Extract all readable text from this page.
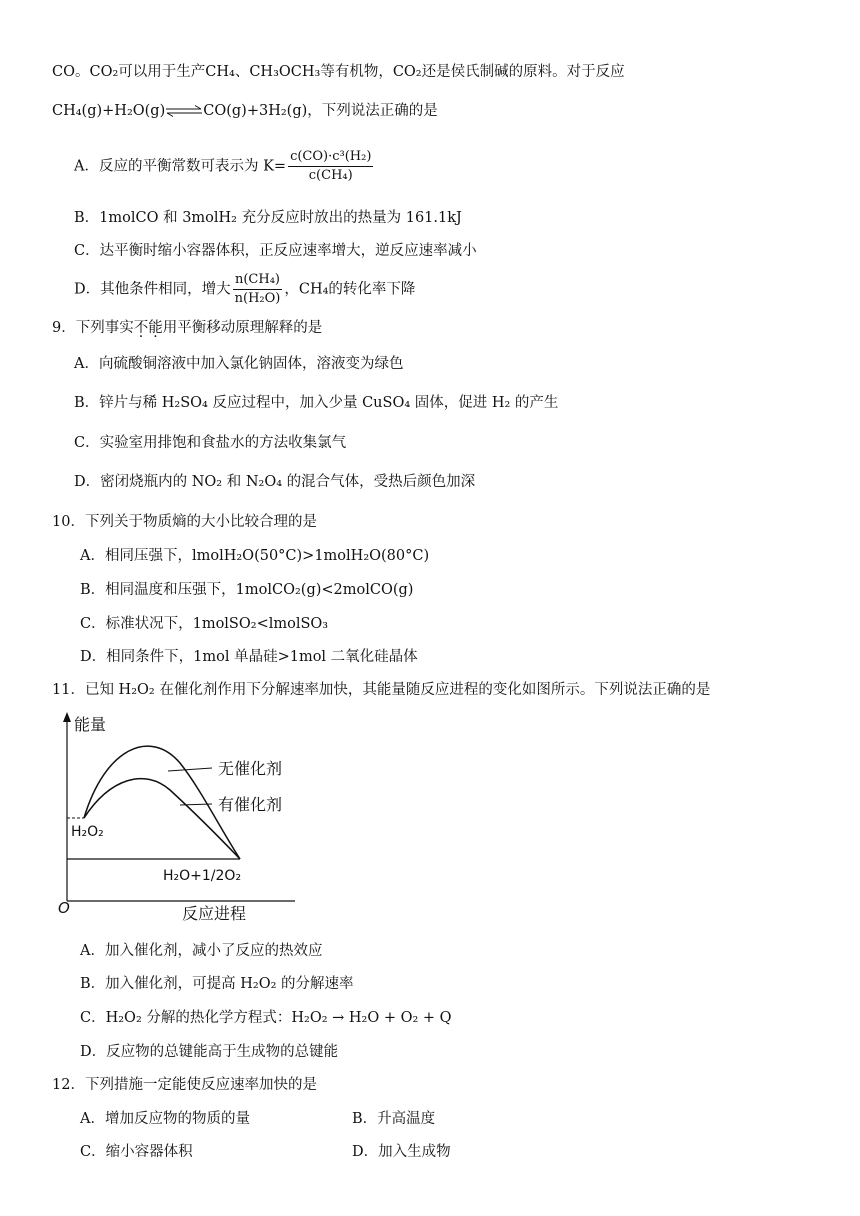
CO。CO₂可以用于生产CH₄、CH₃OCH₃等有机物，CO₂还是侯氏制碱的原料。对于反应
CH₄(g)+H₂O(g)⇌CO(g)+3H₂(g)，下列说法正确的是
A．反应的平衡常数可表示为 $K= \frac{\text{c(CO)·c³(H₂)}}{\text{c(CH₄)}}$
B．1molCO 和 3molH₂ 充分反应时放出的热量为 161.1kJ
C．达平衡时缩小容器体积，正反应速率增大，逆反应速率减小
D．其他条件相同，增大 $\frac{\text{n(CH₄)}}{\text{n(H₂O)}}$ ，CH₄的转化率下降
9．下列事实不能用平衡移动原理解释的是
A．向硫酸铜溶液中加入氯化钠固体，溶液变为绿色
B．锌片与稀 H₂SO₄ 反应过程中，加入少量 CuSO₄ 固体，促进 H₂ 的产生
C．实验室用排饱和食盐水的方法收集氯气
D．密闭烧瓶内的 NO₂ 和 N₂O₄ 的混合气体，受热后颜色加深
10．下列关于物质熵的大小比较合理的是
A．相同压强下，lmolH₂O(50°C)>1molH₂O(80°C)
B．相同温度和压强下，1molCO₂(g)<2molCO(g)
C．标准状况下，1molSO₂<lmolSO₃
D．相同条件下，1mol 单晶硅>1mol 二氧化硅晶体
11．已知 H₂O₂ 在催化剂作用下分解速率加快，其能量随反应进程的变化如图所示。下列说法正确的是
能量
无催化剂
有催化剂
H₂O₂
H₂O+1/2O₂
O	反应进程
A．加入催化剂，减小了反应的热效应
B．加入催化剂，可提高 H₂O₂ 的分解速率
C．H₂O₂ 分解的热化学方程式：H₂O₂ → H₂O + O₂ + Q
D．反应物的总键能高于生成物的总键能
12．下列措施一定能使反应速率加快的是
A．增加反应物的物质的量	B．升高温度
C．缩小容器体积	D．加入生成物
